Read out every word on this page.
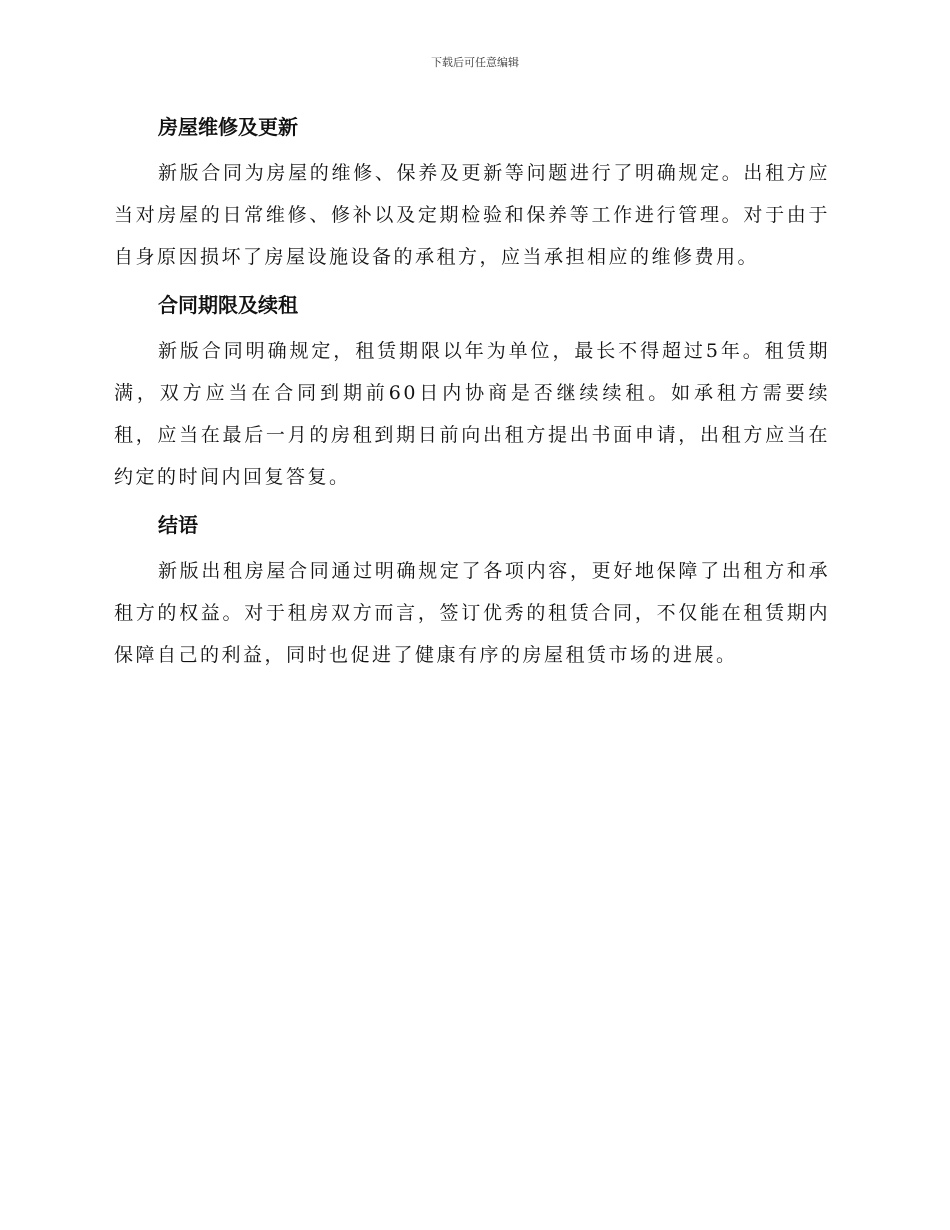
下载后可任意编辑
房屋维修及更新

新版合同为房屋的维修、保养及更新等问题进行了明确规定。出租方应当对房屋的日常维修、修补以及定期检验和保养等工作进行管理。对于由于自身原因损坏了房屋设施设备的承租方，应当承担相应的维修费用。

合同期限及续租

新版合同明确规定，租赁期限以年为单位，最长不得超过5年。租赁期满，双方应当在合同到期前60日内协商是否继续续租。如承租方需要续租，应当在最后一月的房租到期日前向出租方提出书面申请，出租方应当在约定的时间内回复答复。

结语

新版出租房屋合同通过明确规定了各项内容，更好地保障了出租方和承租方的权益。对于租房双方而言，签订优秀的租赁合同，不仅能在租赁期内保障自己的利益，同时也促进了健康有序的房屋租赁市场的进展。
